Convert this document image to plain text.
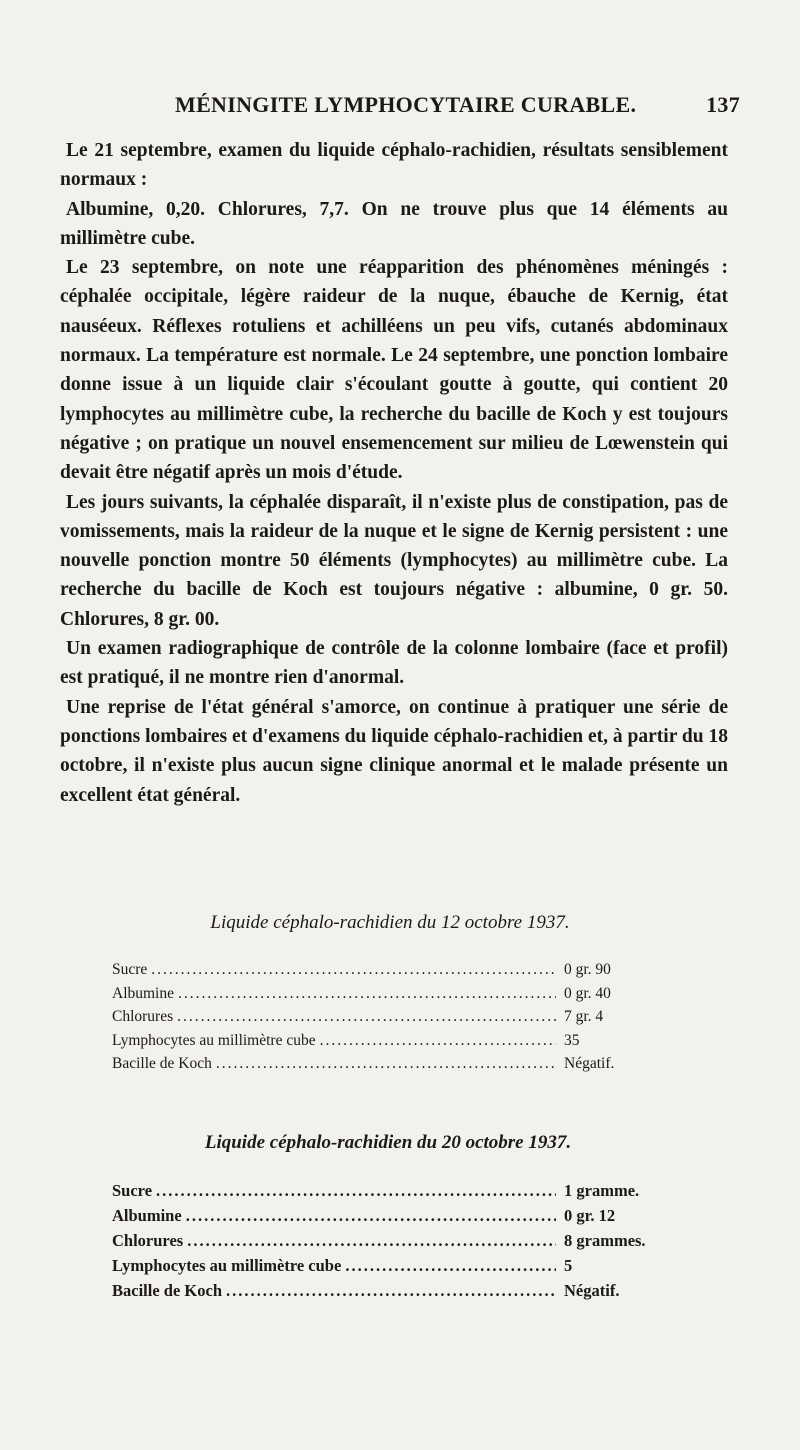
MÉNINGITE LYMPHOCYTAIRE CURABLE.	137

Le 21 septembre, examen du liquide céphalo-rachidien, résultats sensiblement normaux :

Albumine, 0,20. Chlorures, 7,7. On ne trouve plus que 14 éléments au millimètre cube.

Le 23 septembre, on note une réapparition des phénomènes méningés : céphalée occipitale, légère raideur de la nuque, ébauche de Kernig, état nauséeux. Réflexes rotuliens et achilléens un peu vifs, cutanés abdominaux normaux. La température est normale. Le 24 septembre, une ponction lombaire donne issue à un liquide clair s'écoulant goutte à goutte, qui contient 20 lymphocytes au millimètre cube, la recherche du bacille de Koch y est toujours négative ; on pratique un nouvel ensemencement sur milieu de Lœwenstein qui devait être négatif après un mois d'étude.

Les jours suivants, la céphalée disparaît, il n'existe plus de constipation, pas de vomissements, mais la raideur de la nuque et le signe de Kernig persistent : une nouvelle ponction montre 50 éléments (lymphocytes) au millimètre cube. La recherche du bacille de Koch est toujours négative : albumine, 0 gr. 50. Chlorures, 8 gr. 00.

Un examen radiographique de contrôle de la colonne lombaire (face et profil) est pratiqué, il ne montre rien d'anormal.

Une reprise de l'état général s'amorce, on continue à pratiquer une série de ponctions lombaires et d'examens du liquide céphalo-rachidien et, à partir du 18 octobre, il n'existe plus aucun signe clinique anormal et le malade présente un excellent état général.

Liquide céphalo-rachidien du 12 octobre 1937.
Sucre .....	0 gr. 90
Albumine .....	0 gr. 40
Chlorures .....	7 gr. 4
Lymphocytes au millimètre cube .....	35
Bacille de Koch .....	Négatif.
Liquide céphalo-rachidien du 20 octobre 1937.
Sucre .....	1 gramme.
Albumine .....	0 gr. 12
Chlorures .....	8 grammes.
Lymphocytes au millimètre cube .....	5
Bacille de Koch .....	Négatif.
